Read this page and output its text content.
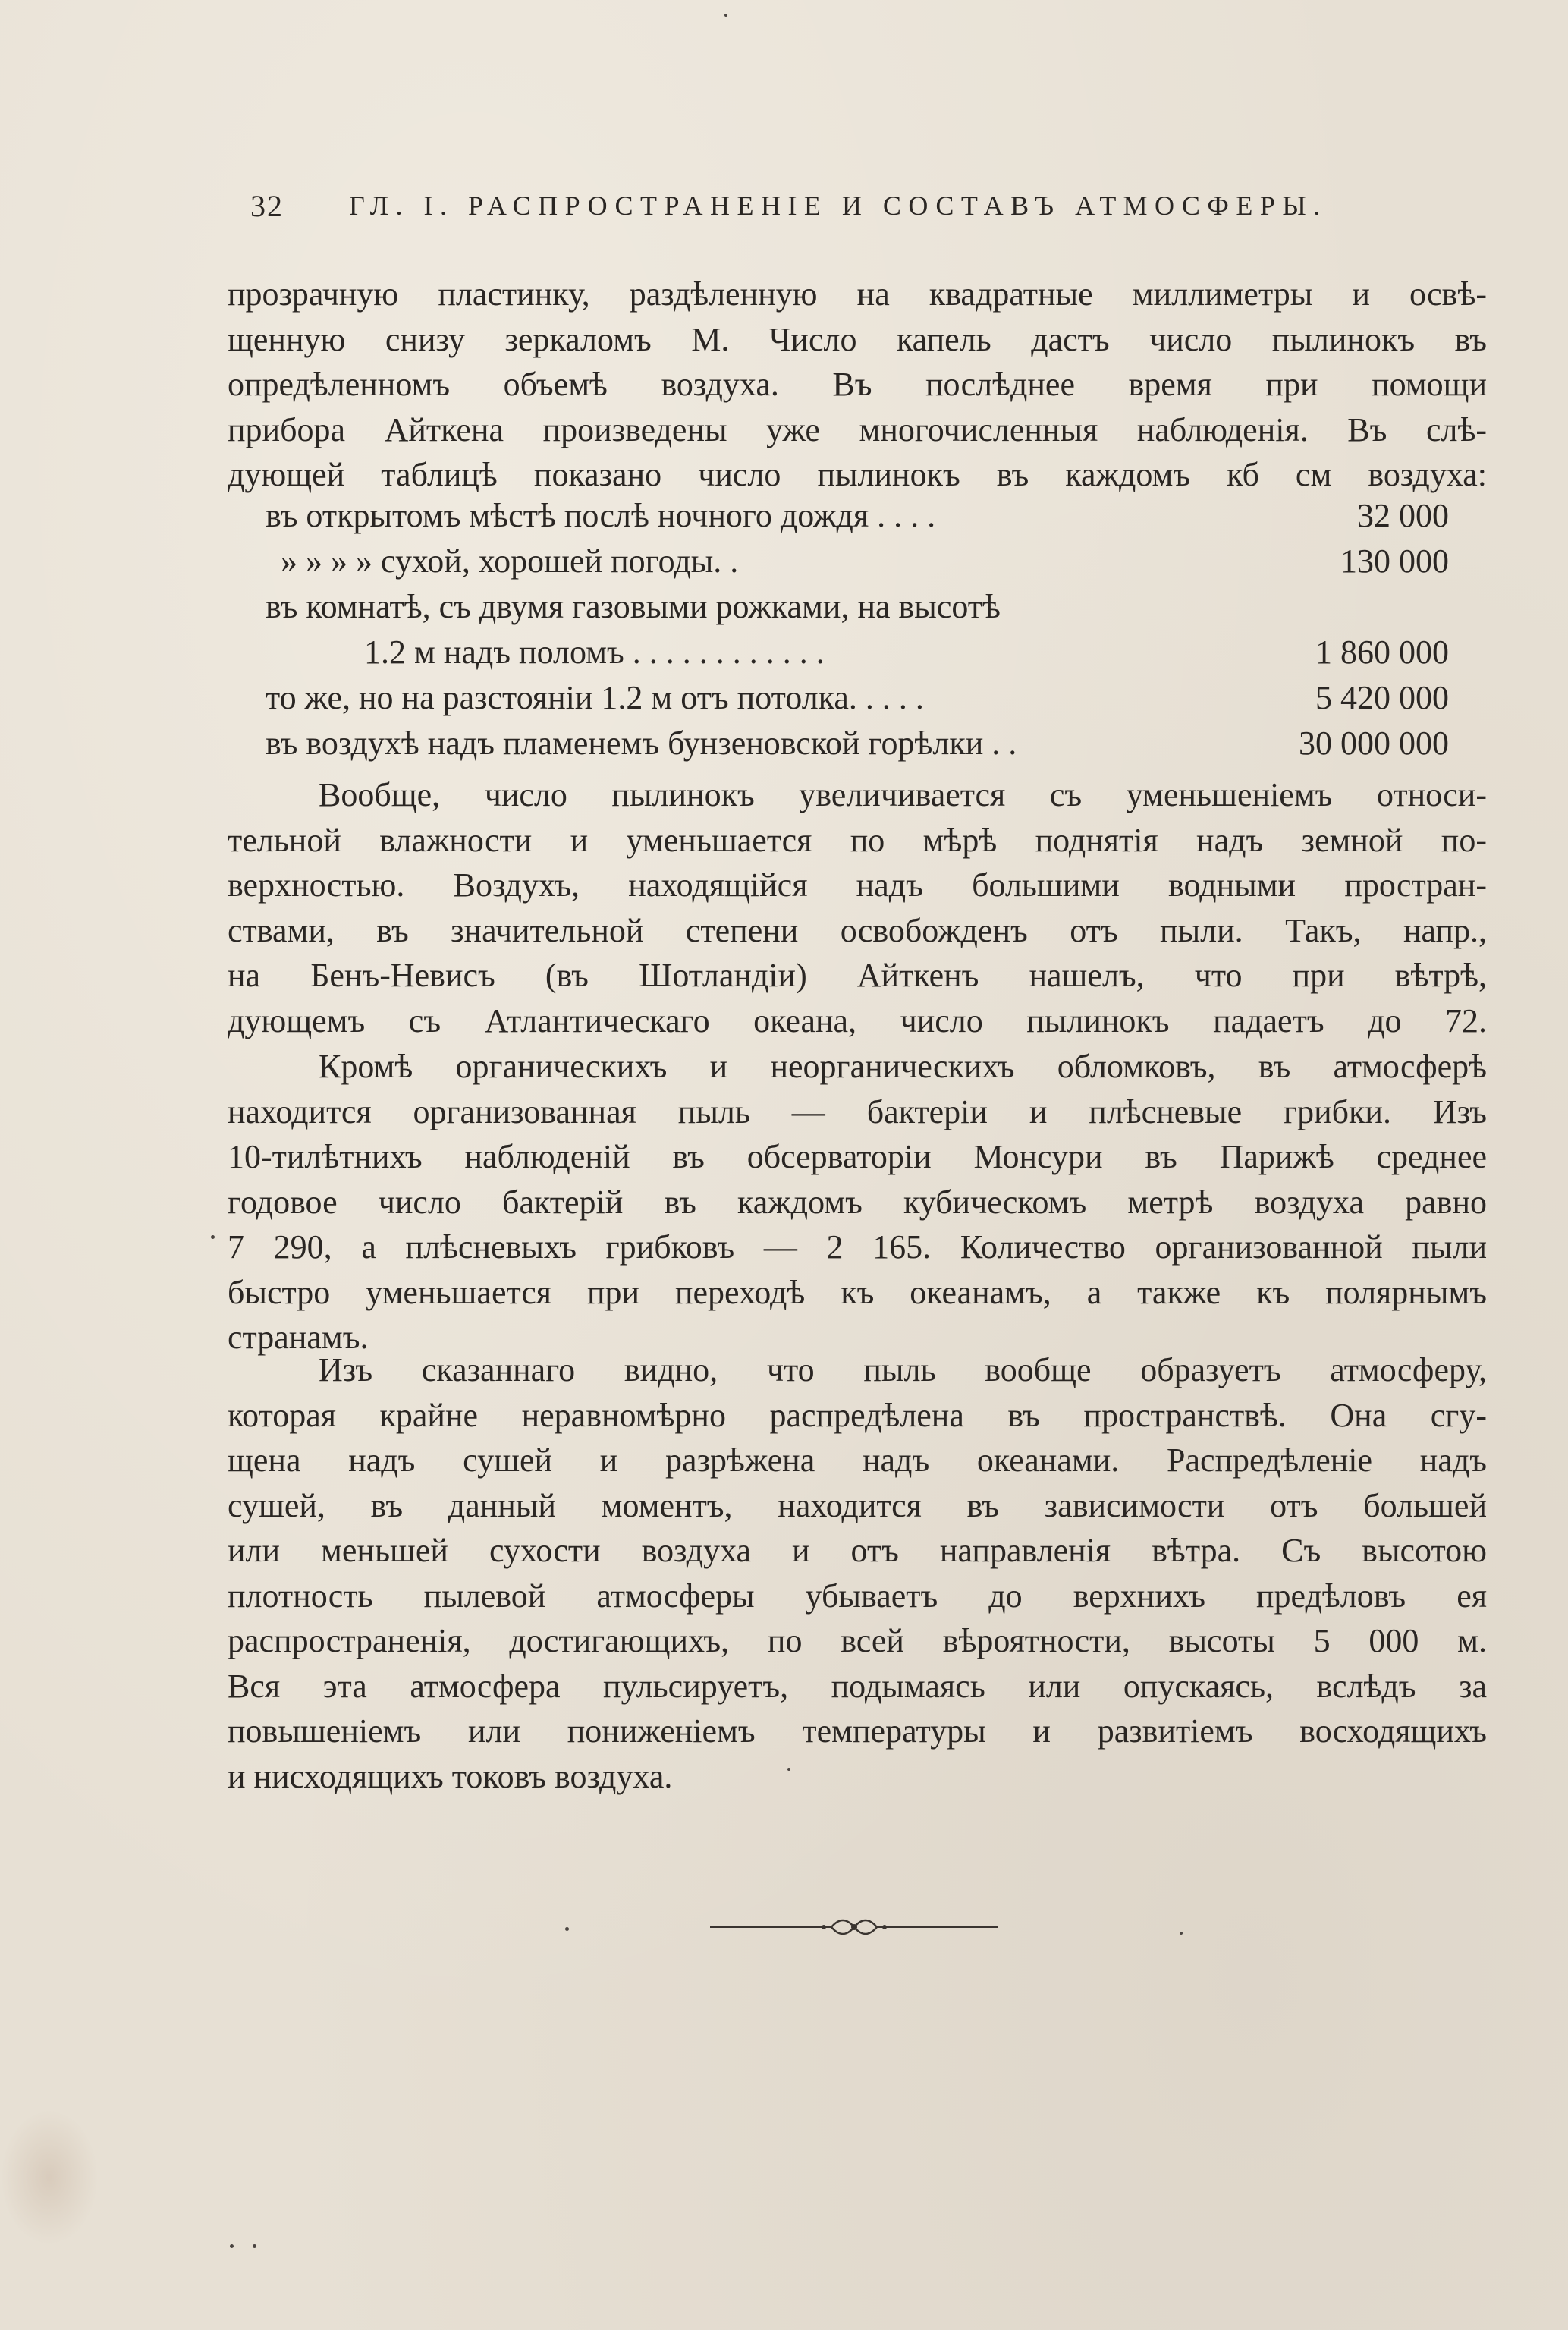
32 ГЛ. I. РАСПРОСТРАНЕНІЕ И СОСТАВЪ АТМОСФЕРЫ.
прозрачную пластинку, раздѣленную на квадратные миллиметры и освѣ-
щенную снизу зеркаломъ M. Число капель дастъ число пылинокъ въ
опредѣленномъ объемѣ воздуха. Въ послѣднее время при помощи
прибора Айткена произведены уже многочисленныя наблюденія. Въ слѣ-
дующей таблицѣ показано число пылинокъ въ каждомъ кб см воздуха:
въ открытомъ мѣстѣ послѣ ночного дождя . . . .	32 000
» » » » сухой, хорошей погоды. .	130 000
въ комнатѣ, съ двумя газовыми рожками, на высотѣ
1.2 м надъ поломъ . . . . . . . . . . . .	1 860 000
то же, но на разстояніи 1.2 м отъ потолка. . . . .	5 420 000
въ воздухѣ надъ пламенемъ бунзеновской горѣлки . .	30 000 000
Вообще, число пылинокъ увеличивается съ уменьшеніемъ относи-
тельной влажности и уменьшается по мѣрѣ поднятія надъ земной по-
верхностью. Воздухъ, находящійся надъ большими водными простран-
ствами, въ значительной степени освобожденъ отъ пыли. Такъ, напр.,
на Бенъ-Невисъ (въ Шотландіи) Айткенъ нашелъ, что при вѣтрѣ,
дующемъ съ Атлантическаго океана, число пылинокъ падаетъ до 72.
Кромѣ органическихъ и неорганическихъ обломковъ, въ атмосферѣ
находится организованная пыль — бактеріи и плѣсневые грибки. Изъ
10-тилѣтнихъ наблюденій въ обсерваторіи Монсури въ Парижѣ среднее
годовое число бактерій въ каждомъ кубическомъ метрѣ воздуха равно
7 290, а плѣсневыхъ грибковъ — 2 165. Количество организованной пыли
быстро уменьшается при переходѣ къ океанамъ, а также къ полярнымъ
странамъ.
Изъ сказаннаго видно, что пыль вообще образуетъ атмосферу,
которая крайне неравномѣрно распредѣлена въ пространствѣ. Она сгу-
щена надъ сушей и разрѣжена надъ океанами. Распредѣленіе надъ
сушей, въ данный моментъ, находится въ зависимости отъ большей
или меньшей сухости воздуха и отъ направленія вѣтра. Съ высотою
плотность пылевой атмосферы убываетъ до верхнихъ предѣловъ ея
распространенія, достигающихъ, по всей вѣроятности, высоты 5 000 м.
Вся эта атмосфера пульсируетъ, подымаясь или опускаясь, вслѣдъ за
повышеніемъ или пониженіемъ температуры и развитіемъ восходящихъ
и нисходящихъ токовъ воздуха.
